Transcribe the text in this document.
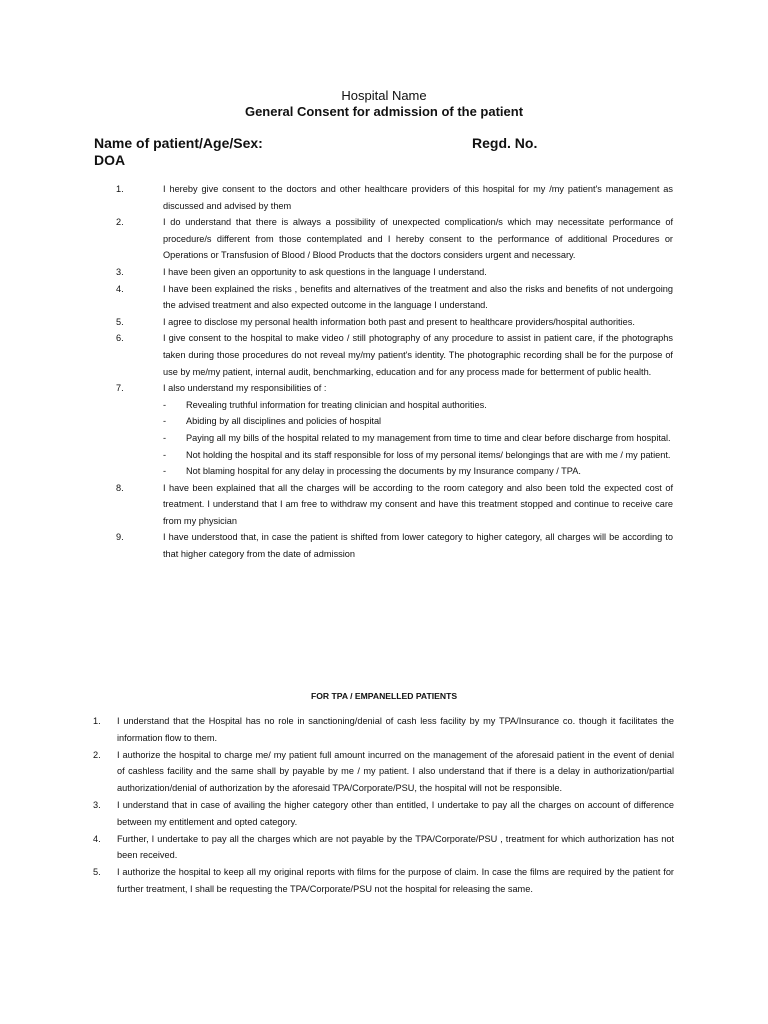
Hospital Name
General Consent for admission of the patient
Name of patient/Age/Sex:	Regd. No.
DOA
1.	I hereby give consent to the doctors and other healthcare providers of this hospital for my /my patient's management as discussed and advised by them
2.	I do understand that there is always a possibility of unexpected complication/s which may necessitate performance of procedure/s different from those contemplated and I hereby consent to the performance of additional Procedures or Operations or Transfusion of Blood / Blood Products that the doctors considers urgent and necessary.
3.	I have been given an opportunity to ask questions in the language I understand.
4.	I have been explained the risks , benefits and alternatives of the treatment and also the risks and benefits of not undergoing the advised treatment and also expected outcome in the language I understand.
5.	I agree to disclose my personal health information both past and present to healthcare providers/hospital authorities.
6.	I give consent to the hospital to make video / still photography of any procedure to assist in patient care, if the photographs taken during those procedures do not reveal my/my patient's identity. The photographic recording shall be for the purpose of use by me/my patient, internal audit, benchmarking, education and for any process made for betterment of public health.
7.	I also understand my responsibilities of :
- Revealing truthful information for treating clinician and hospital authorities.
- Abiding by all disciplines and policies of hospital
- Paying all my bills of the hospital related to my management from time to time and clear before discharge from hospital.
- Not holding the hospital and its staff responsible for loss of my personal items/ belongings that are with me / my patient.
- Not blaming hospital for any delay in processing the documents by my Insurance company / TPA.
8.	I have been explained that all the charges will be according to the room category and also been told the expected cost of treatment. I understand that I am free to withdraw my consent and have this treatment stopped and continue to receive care from my physician
9.	I have understood that, in case the patient is shifted from lower category to higher category, all charges will be according to that higher category from the date of admission
FOR TPA / EMPANELLED PATIENTS
1. I understand that the Hospital has no role in sanctioning/denial of cash less facility by my TPA/Insurance co. though it facilitates the information flow to them.
2. I authorize the hospital to charge me/ my patient full amount incurred on the management of the aforesaid patient in the event of denial of cashless facility and the same shall by payable by me / my patient. I also understand that if there is a delay in authorization/partial authorization/denial of authorization by the aforesaid TPA/Corporate/PSU, the hospital will not be responsible.
3. I understand that in case of availing the higher category other than entitled, I undertake to pay all the charges on account of difference between my entitlement and opted category.
4. Further, I undertake to pay all the charges which are not payable by the TPA/Corporate/PSU , treatment for which authorization has not been received.
5. I authorize the hospital to keep all my original reports with films for the purpose of claim. In case the films are required by the patient for further treatment, I shall be requesting the TPA/Corporate/PSU not the hospital for releasing the same.
